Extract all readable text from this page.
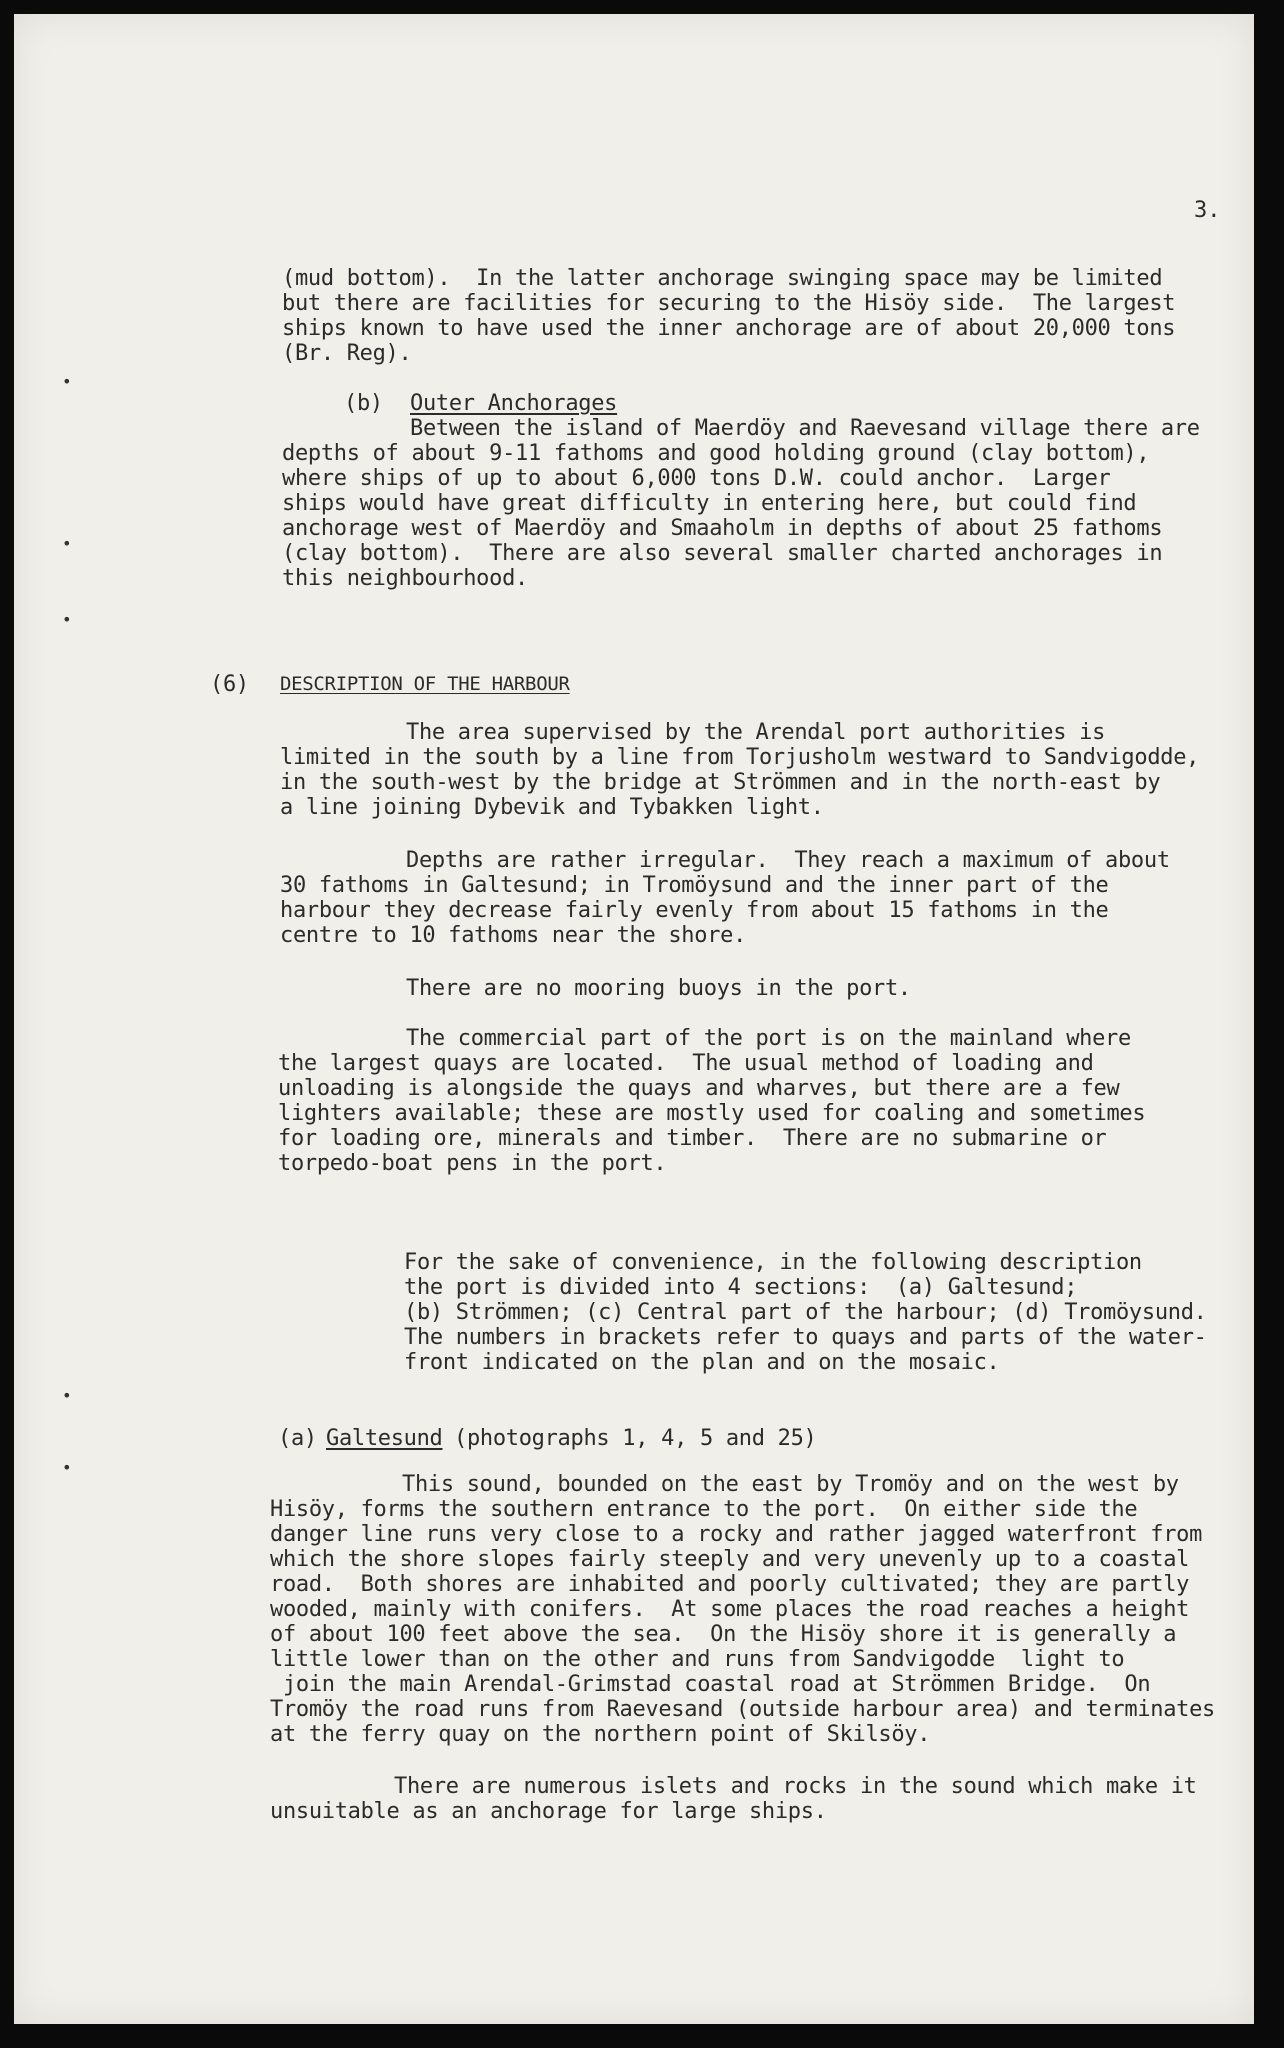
3.
•
•
•
•
•
(mud bottom).  In the latter anchorage swinging space may be limited
but there are facilities for securing to the Hisöy side.  The largest
ships known to have used the inner anchorage are of about 20,000 tons
(Br. Reg).
(b) Outer Anchorages
Between the island of Maerdöy and Raevesand village there are
depths of about 9-11 fathoms and good holding ground (clay bottom),
where ships of up to about 6,000 tons D.W. could anchor.  Larger
ships would have great difficulty in entering here, but could find
anchorage west of Maerdöy and Smaaholm in depths of about 25 fathoms
(clay bottom).  There are also several smaller charted anchorages in
this neighbourhood.
(6) DESCRIPTION OF THE HARBOUR
The area supervised by the Arendal port authorities is
limited in the south by a line from Torjusholm westward to Sandvigodde,
in the south-west by the bridge at Strömmen and in the north-east by
a line joining Dybevik and Tybakken light.
Depths are rather irregular.  They reach a maximum of about
30 fathoms in Galtesund; in Tromöysund and the inner part of the
harbour they decrease fairly evenly from about 15 fathoms in the
centre to 10 fathoms near the shore.
There are no mooring buoys in the port.
The commercial part of the port is on the mainland where
the largest quays are located.  The usual method of loading and
unloading is alongside the quays and wharves, but there are a few
lighters available; these are mostly used for coaling and sometimes
for loading ore, minerals and timber.  There are no submarine or
torpedo-boat pens in the port.
For the sake of convenience, in the following description
the port is divided into 4 sections:  (a) Galtesund;
(b) Strömmen; (c) Central part of the harbour; (d) Tromöysund.
The numbers in brackets refer to quays and parts of the water-
front indicated on the plan and on the mosaic.
(a) Galtesund (photographs 1, 4, 5 and 25)
This sound, bounded on the east by Tromöy and on the west by
Hisöy, forms the southern entrance to the port.  On either side the
danger line runs very close to a rocky and rather jagged waterfront from
which the shore slopes fairly steeply and very unevenly up to a coastal
road.  Both shores are inhabited and poorly cultivated; they are partly
wooded, mainly with conifers.  At some places the road reaches a height
of about 100 feet above the sea.  On the Hisöy shore it is generally a
little lower than on the other and runs from Sandvigodde  light to
join the main Arendal-Grimstad coastal road at Strömmen Bridge.  On
Tromöy the road runs from Raevesand (outside harbour area) and terminates
at the ferry quay on the northern point of Skilsöy.
There are numerous islets and rocks in the sound which make it
unsuitable as an anchorage for large ships.
